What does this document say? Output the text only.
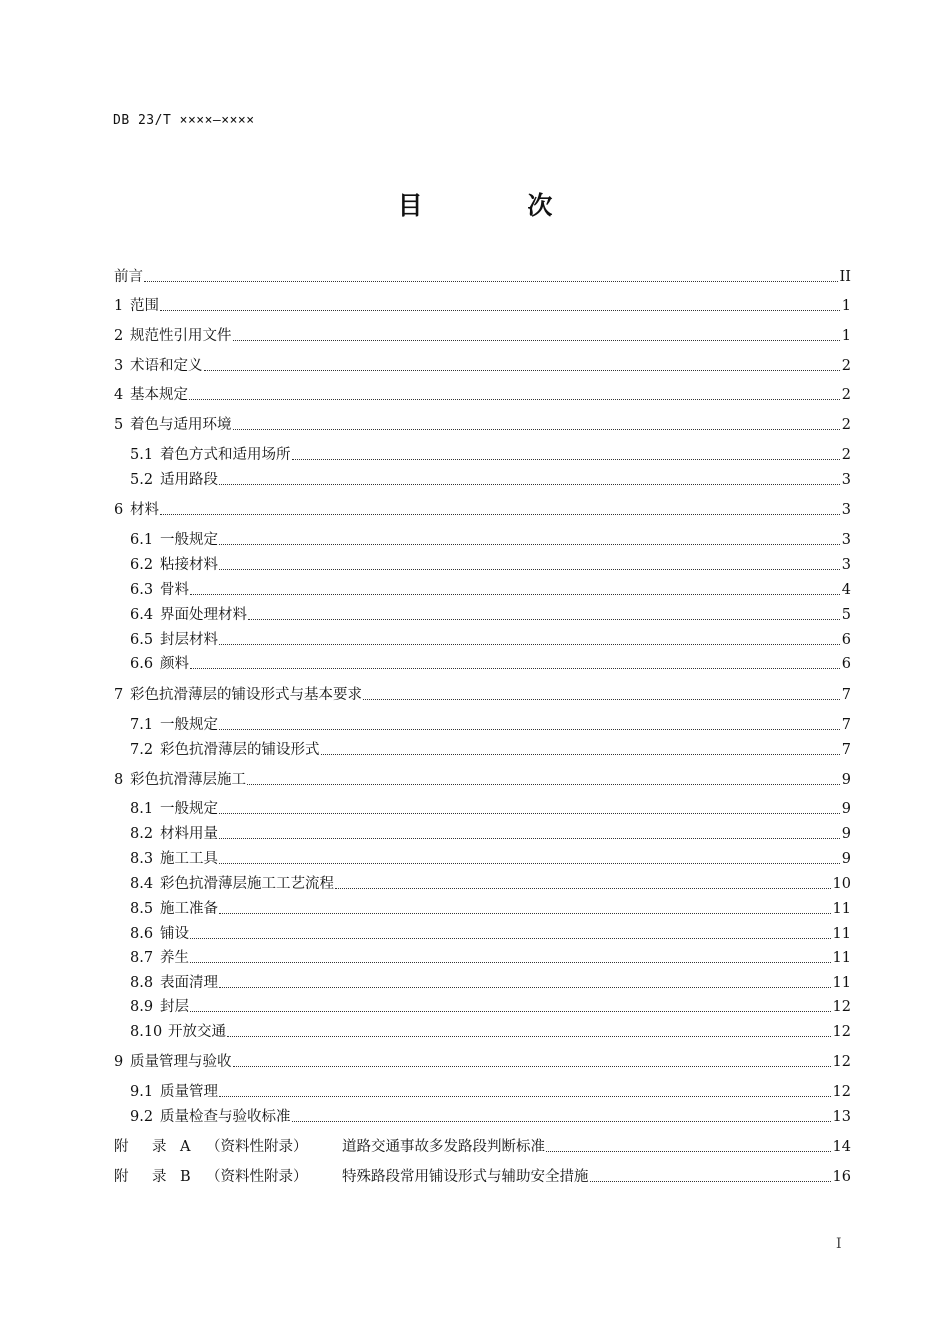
DB 23/T ××××—××××
目 次
前言	II
1 范围	1
2 规范性引用文件	1
3 术语和定义	2
4 基本规定	2
5 着色与适用环境	2
5.1 着色方式和适用场所	2
5.2 适用路段	3
6 材料	3
6.1 一般规定	3
6.2 粘接材料	3
6.3 骨料	4
6.4 界面处理材料	5
6.5 封层材料	6
6.6 颜料	6
7 彩色抗滑薄层的铺设形式与基本要求	7
7.1 一般规定	7
7.2 彩色抗滑薄层的铺设形式	7
8 彩色抗滑薄层施工	9
8.1 一般规定	9
8.2 材料用量	9
8.3 施工工具	9
8.4 彩色抗滑薄层施工工艺流程	10
8.5 施工准备	11
8.6 铺设	11
8.7 养生	11
8.8 表面清理	11
8.9 封层	12
8.10 开放交通	12
9 质量管理与验收	12
9.1 质量管理	12
9.2 质量检查与验收标准	13
附 录 A （资料性附录） 道路交通事故多发路段判断标准	14
附 录 B （资料性附录） 特殊路段常用铺设形式与辅助安全措施	16
I
